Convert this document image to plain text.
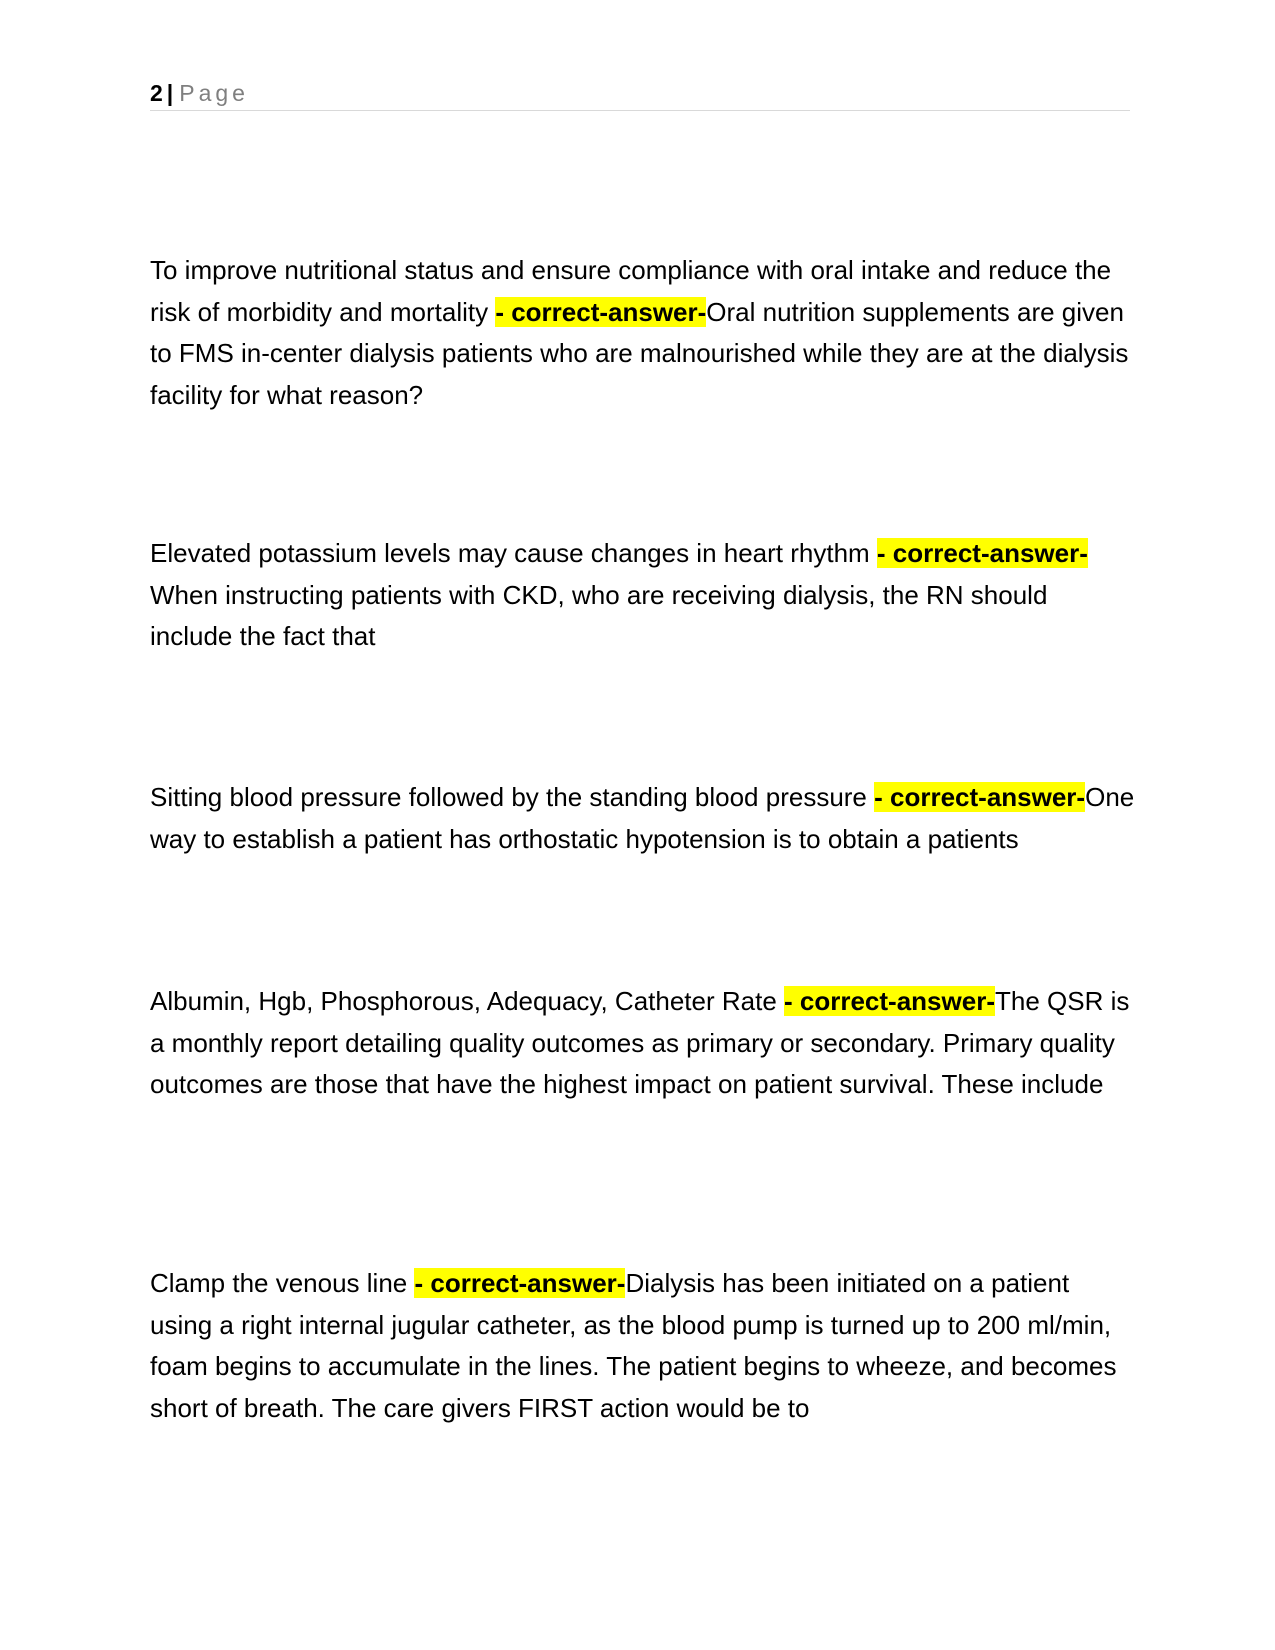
2 | Page

To improve nutritional status and ensure compliance with oral intake and reduce the risk of morbidity and mortality - correct-answer-Oral nutrition supplements are given to FMS in-center dialysis patients who are malnourished while they are at the dialysis facility for what reason?

Elevated potassium levels may cause changes in heart rhythm - correct-answer-When instructing patients with CKD, who are receiving dialysis, the RN should include the fact that

Sitting blood pressure followed by the standing blood pressure - correct-answer-One way to establish a patient has orthostatic hypotension is to obtain a patients

Albumin, Hgb, Phosphorous, Adequacy, Catheter Rate - correct-answer-The QSR is a monthly report detailing quality outcomes as primary or secondary. Primary quality outcomes are those that have the highest impact on patient survival. These include

Clamp the venous line - correct-answer-Dialysis has been initiated on a patient using a right internal jugular catheter, as the blood pump is turned up to 200 ml/min, foam begins to accumulate in the lines. The patient begins to wheeze, and becomes short of breath. The care givers FIRST action would be to
